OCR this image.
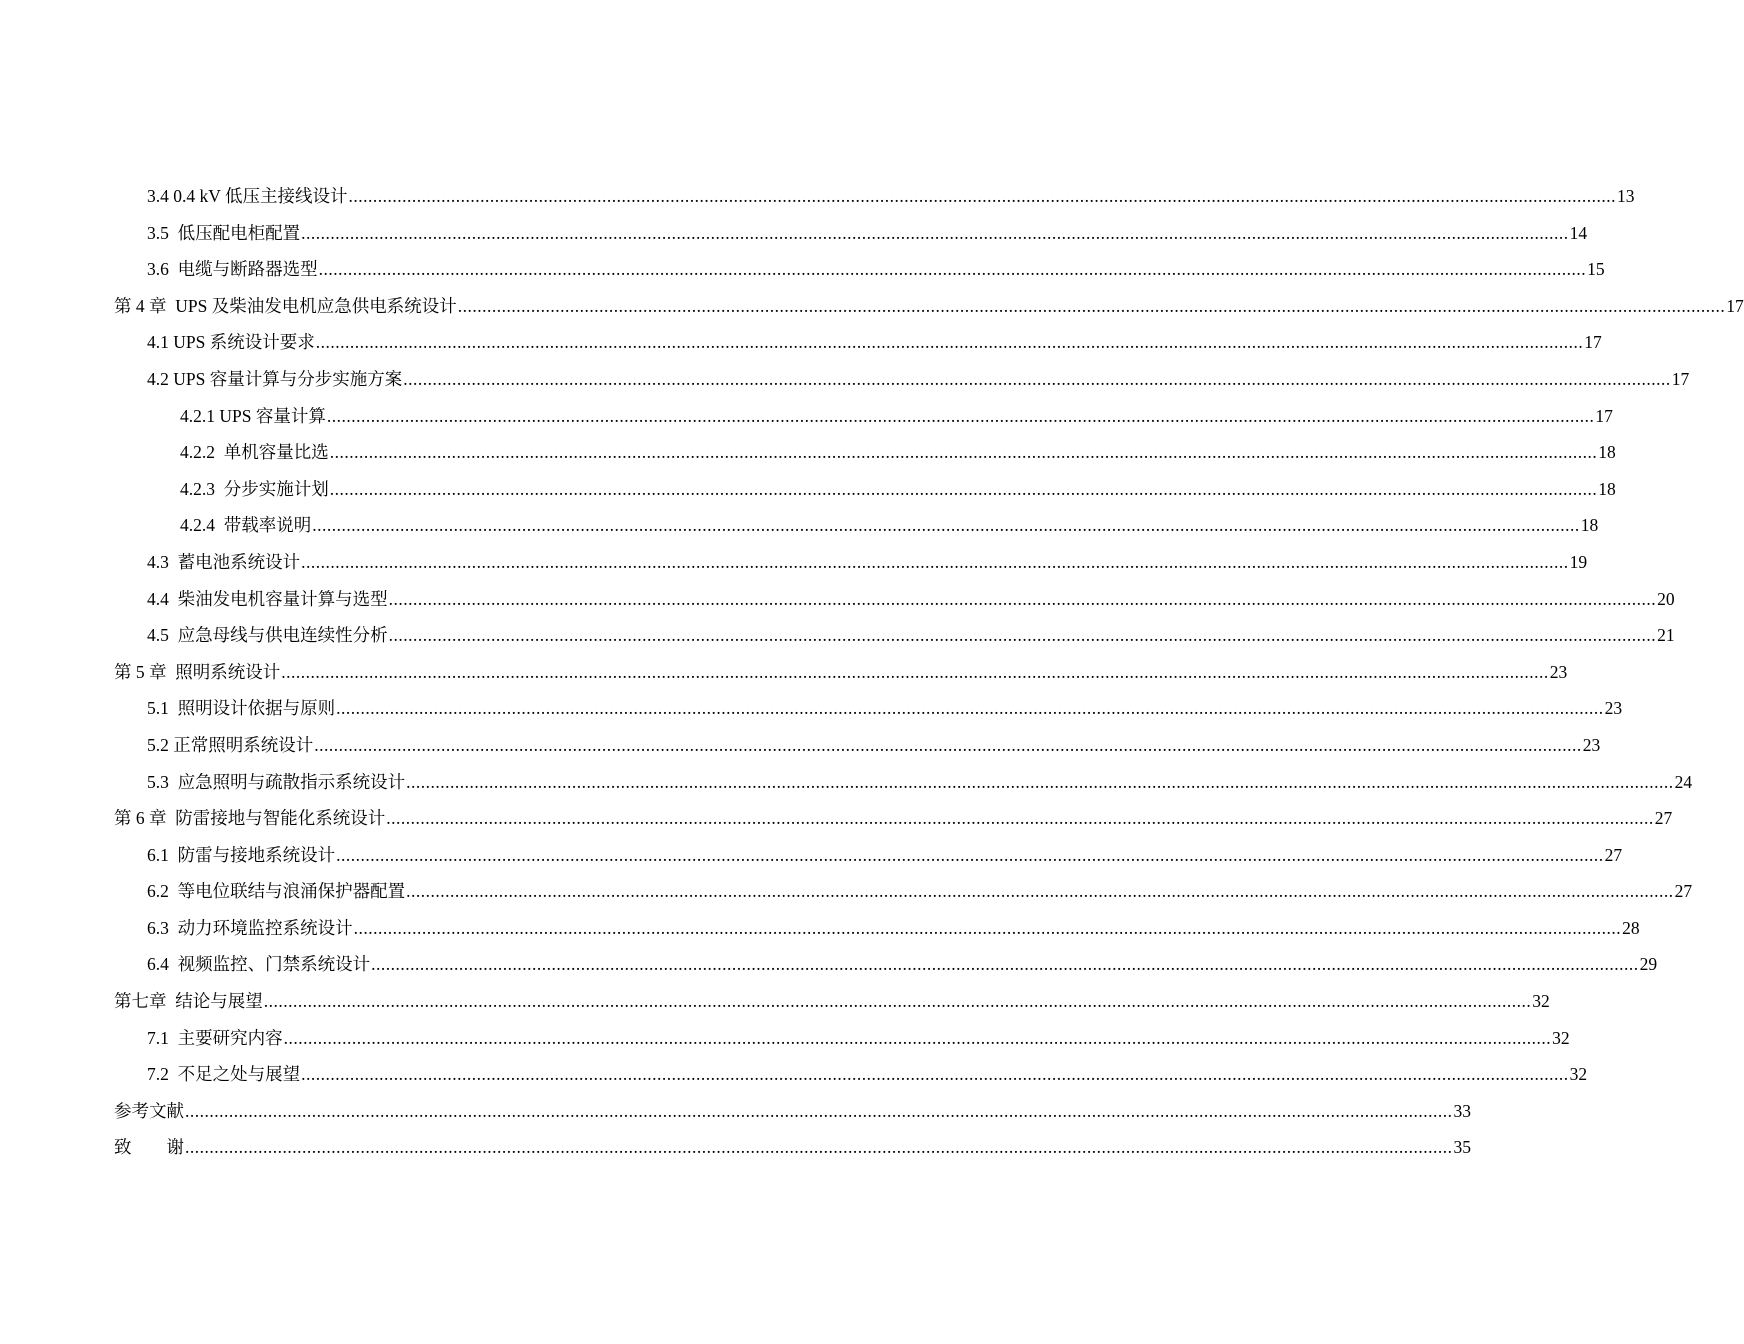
3.4 0.4 kV 低压主接线设计 .................................................................................................................................................................................................................................................................... 13
3.5  低压配电柜配置 .................................................................................................................................................................................................................................................................... 14
3.6  电缆与断路器选型 .................................................................................................................................................................................................................................................................... 15
第 4 章  UPS 及柴油发电机应急供电系统设计 .................................................................................................................................................................................................................................................................... 17
4.1 UPS 系统设计要求 .................................................................................................................................................................................................................................................................... 17
4.2 UPS 容量计算与分步实施方案 .................................................................................................................................................................................................................................................................... 17
4.2.1 UPS 容量计算 .................................................................................................................................................................................................................................................................... 17
4.2.2  单机容量比选 .................................................................................................................................................................................................................................................................... 18
4.2.3  分步实施计划 .................................................................................................................................................................................................................................................................... 18
4.2.4  带载率说明 .................................................................................................................................................................................................................................................................... 18
4.3  蓄电池系统设计 .................................................................................................................................................................................................................................................................... 19
4.4  柴油发电机容量计算与选型 .................................................................................................................................................................................................................................................................... 20
4.5  应急母线与供电连续性分析 .................................................................................................................................................................................................................................................................... 21
第 5 章  照明系统设计 .................................................................................................................................................................................................................................................................... 23
5.1  照明设计依据与原则 .................................................................................................................................................................................................................................................................... 23
5.2 正常照明系统设计 .................................................................................................................................................................................................................................................................... 23
5.3  应急照明与疏散指示系统设计 .................................................................................................................................................................................................................................................................... 24
第 6 章  防雷接地与智能化系统设计 .................................................................................................................................................................................................................................................................... 27
6.1  防雷与接地系统设计 .................................................................................................................................................................................................................................................................... 27
6.2  等电位联结与浪涌保护器配置 .................................................................................................................................................................................................................................................................... 27
6.3  动力环境监控系统设计 .................................................................................................................................................................................................................................................................... 28
6.4  视频监控、门禁系统设计 .................................................................................................................................................................................................................................................................... 29
第七章  结论与展望 .................................................................................................................................................................................................................................................................... 32
7.1  主要研究内容 .................................................................................................................................................................................................................................................................... 32
7.2  不足之处与展望 .................................................................................................................................................................................................................................................................... 32
参考文献 .................................................................................................................................................................................................................................................................... 33
致        谢 .................................................................................................................................................................................................................................................................... 35
